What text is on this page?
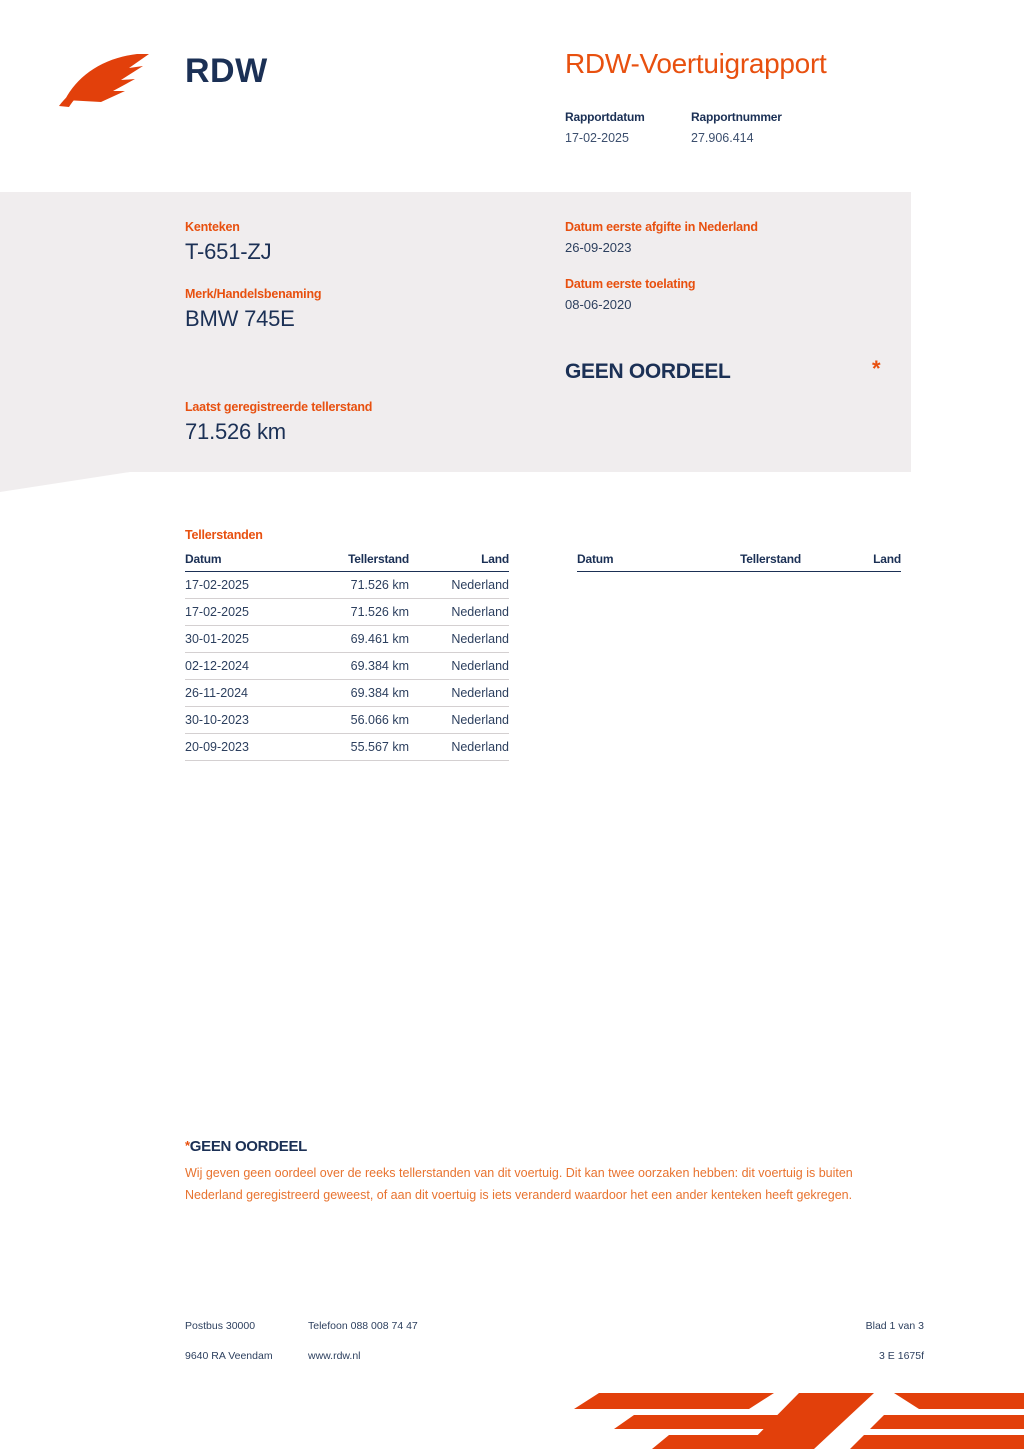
RDW	RDW-Voertuigrapport
Rapportdatum	Rapportnummer
17-02-2025	27.906.414
Kenteken
T-651-ZJ
Merk/Handelsbenaming
BMW 745E
Datum eerste afgifte in Nederland
26-09-2023
Datum eerste toelating
08-06-2020
GEEN OORDEEL	*
Laatst geregistreerde tellerstand
71.526 km
Tellerstanden
Datum	Tellerstand	Land
17-02-2025	71.526 km	Nederland
17-02-2025	71.526 km	Nederland
30-01-2025	69.461 km	Nederland
02-12-2024	69.384 km	Nederland
26-11-2024	69.384 km	Nederland
30-10-2023	56.066 km	Nederland
20-09-2023	55.567 km	Nederland
Datum	Tellerstand	Land
*GEEN OORDEEL
Wij geven geen oordeel over de reeks tellerstanden van dit voertuig. Dit kan twee oorzaken hebben: dit voertuig is buiten Nederland geregistreerd geweest, of aan dit voertuig is iets veranderd waardoor het een ander kenteken heeft gekregen.
Postbus 30000	Telefoon 088 008 74 47	Blad 1 van 3
9640 RA Veendam	www.rdw.nl	3 E 1675f
